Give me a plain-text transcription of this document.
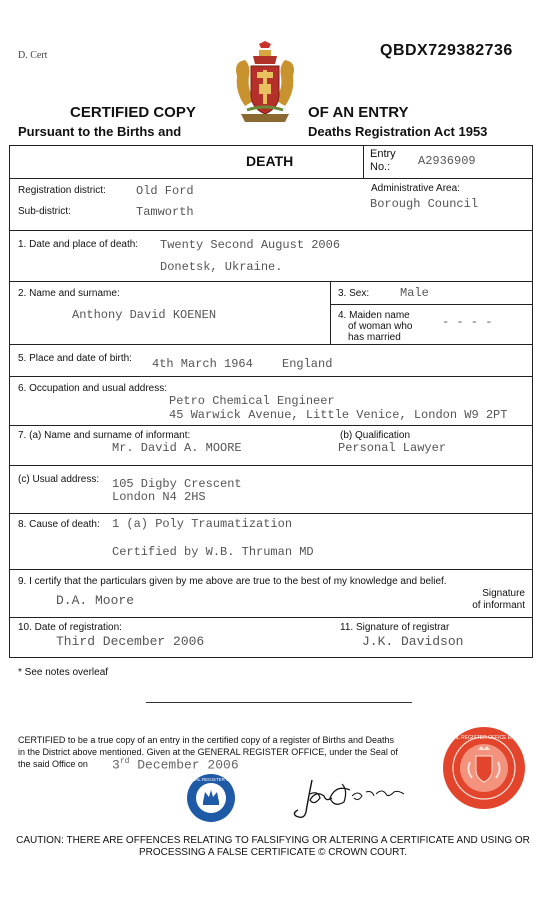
D. Cert	QBDX729382736
CERTIFIED COPY	OF AN ENTRY
Pursuant to the Births and	Deaths Registration Act 1953
DEATH	Entry
No.:	A2936909
Registration district:	Old Ford
Sub-district:	Tamworth
Administrative Area:
Borough Council
1. Date and place of death: Twenty Second August 2006
Donetsk, Ukraine.
2. Name and surname:
Anthony David KOENEN
3. Sex:	Male
4. Maiden name
of woman who
has married
- - - -
5. Place and date of birth: 4th March 1964 England
6. Occupation and usual address:
Petro Chemical Engineer
45 Warwick Avenue, Little Venice, London W9 2PT
7. (a) Name and surname of informant:
Mr. David A. MOORE
(b) Qualification
Personal Lawyer
(c) Usual address: 105 Digby Crescent
London N4 2HS
8. Cause of death: 1 (a) Poly Traumatization
Certified by W.B. Thruman MD
9. I certify that the particulars given by me above are true to the best of my knowledge and belief.
D.A. Moore	Signature
of informant
10. Date of registration:
Third December 2006
11. Signature of registrar
J.K. Davidson
* See notes overleaf
CERTIFIED to be a true copy of an entry in the certified copy of a register of Births and Deaths
in the District above mentioned. Given at the GENERAL REGISTER OFFICE, under the Seal of
the said Office on	3rd December 2006
GENERAL REGISTER OFFICE
GENERAL REGISTER OFFICE ENGLAND
CAUTION: THERE ARE OFFENCES RELATING TO FALSIFYING OR ALTERING A CERTIFICATE AND USING OR
PROCESSING A FALSE CERTIFICATE © CROWN COURT.
